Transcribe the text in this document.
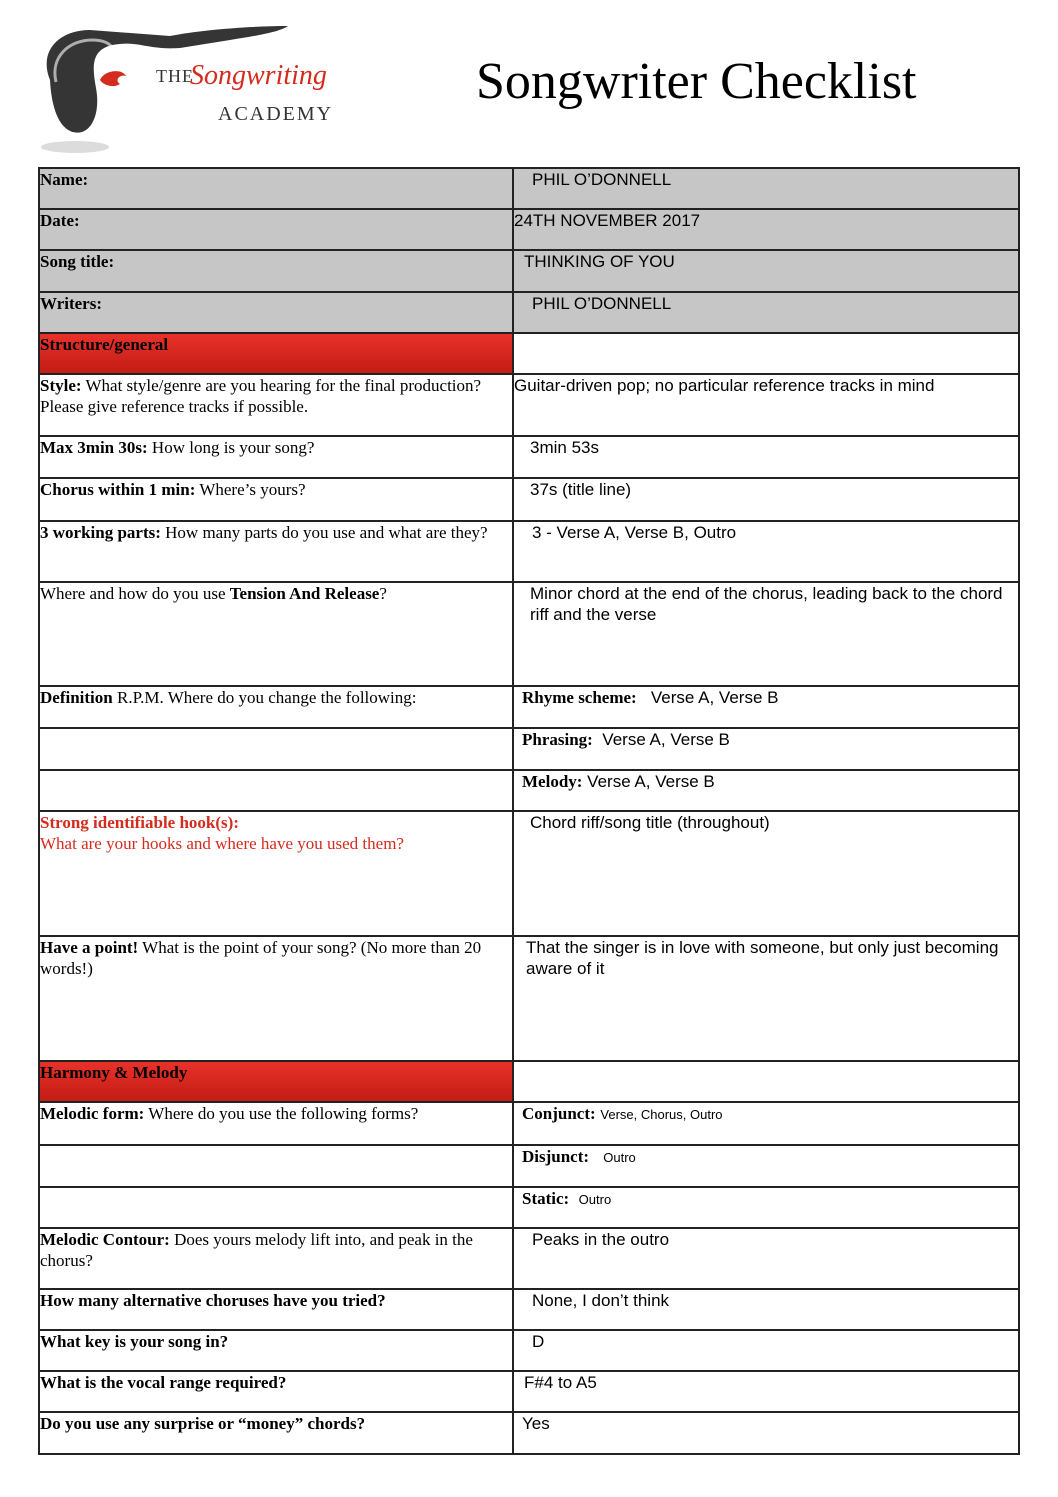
THE
Songwriting
ACADEMY
Songwriter Checklist
Name:	PHIL O’DONNELL
Date:	24TH NOVEMBER 2017
Song title:	THINKING OF YOU
Writers:	PHIL O’DONNELL
Structure/general	
Style: What style/genre are you hearing for the final production? Please give reference tracks if possible.	Guitar-driven pop; no particular reference tracks in mind
Max 3min 30s: How long is your song?	3min 53s
Chorus within 1 min: Where’s yours?	37s (title line)
3 working parts: How many parts do you use and what are they?	3 - Verse A, Verse B, Outro
Where and how do you use Tension And Release?	Minor chord at the end of the chorus, leading back to the chord riff and the verse
Definition R.P.M. Where do you change the following:	Rhyme scheme: Verse A, Verse B
	Phrasing: Verse A, Verse B
	Melody: Verse A, Verse B
Strong identifiable hook(s):
What are your hooks and where have you used them?	Chord riff/song title (throughout)
Have a point! What is the point of your song? (No more than 20 words!)	That the singer is in love with someone, but only just becoming aware of it
Harmony & Melody	
Melodic form: Where do you use the following forms?	Conjunct: Verse, Chorus, Outro
	Disjunct: Outro
	Static: Outro
Melodic Contour: Does yours melody lift into, and peak in the chorus?	Peaks in the outro
How many alternative choruses have you tried?	None, I don’t think
What key is your song in?	D
What is the vocal range required?	F#4 to A5
Do you use any surprise or “money” chords?	Yes
